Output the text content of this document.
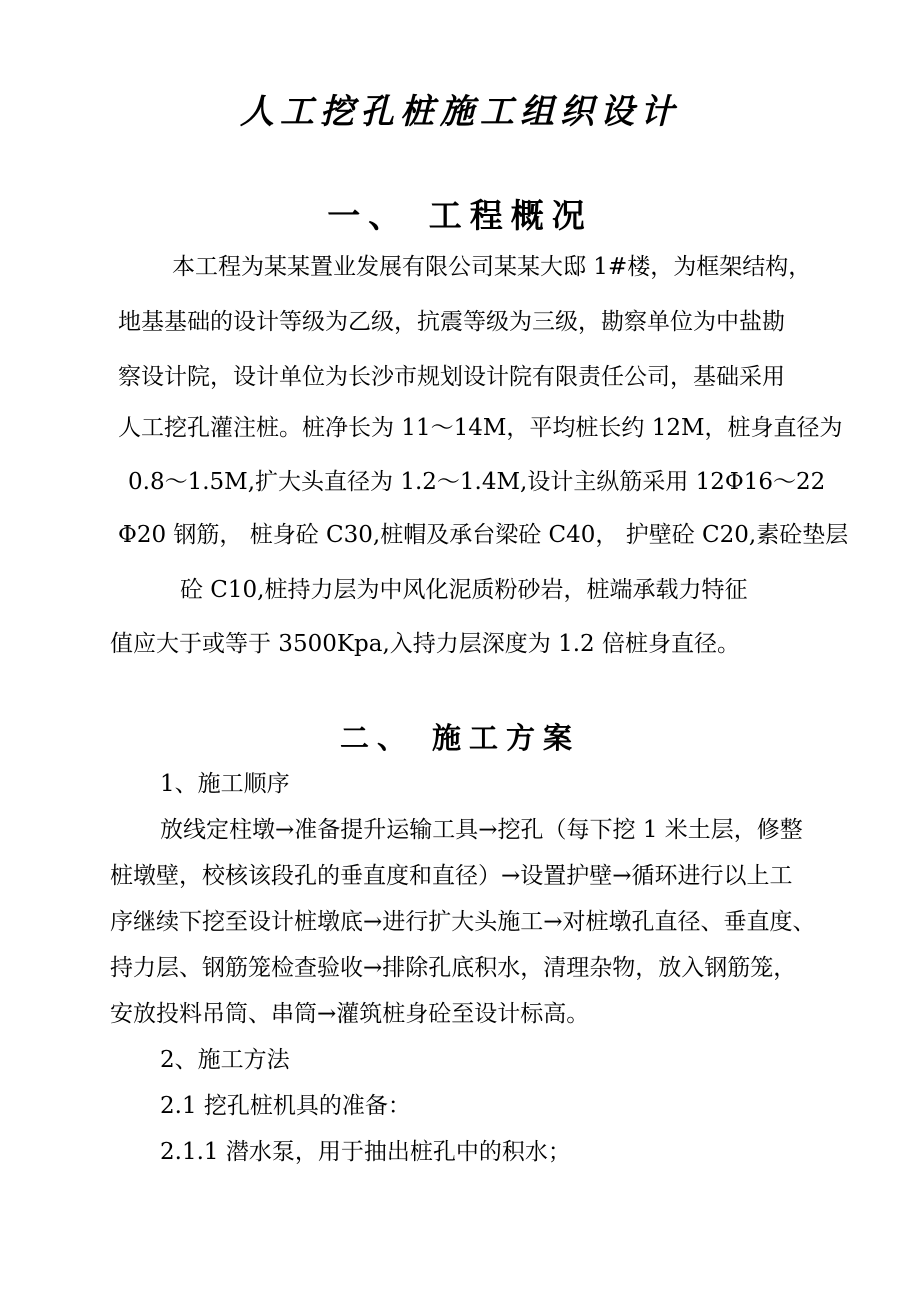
人工挖孔桩施工组织设计
一、 工程概况
本工程为某某置业发展有限公司某某大邸 1#楼，为框架结构，
地基基础的设计等级为乙级，抗震等级为三级，勘察单位为中盐勘
察设计院，设计单位为长沙市规划设计院有限责任公司，基础采用
人工挖孔灌注桩。桩净长为 11～14M，平均桩长约 12M，桩身直径为
0.8～1.5M,扩大头直径为 1.2～1.4M,设计主纵筋采用 12Φ16～22
Φ20 钢筋， 桩身砼 C30,桩帽及承台梁砼 C40， 护壁砼 C20,素砼垫层
砼 C10,桩持力层为中风化泥质粉砂岩，桩端承载力特征
值应大于或等于 3500Kpa,入持力层深度为 1.2 倍桩身直径。
二、 施工方案
1、施工顺序
放线定柱墩→准备提升运输工具→挖孔（每下挖 1 米土层，修整
桩墩壁，校核该段孔的垂直度和直径）→设置护壁→循环进行以上工
序继续下挖至设计桩墩底→进行扩大头施工→对桩墩孔直径、垂直度、
持力层、钢筋笼检查验收→排除孔底积水，清理杂物，放入钢筋笼，
安放投料吊筒、串筒→灌筑桩身砼至设计标高。
2、施工方法
2.1 挖孔桩机具的准备：
2.1.1 潜水泵，用于抽出桩孔中的积水；
